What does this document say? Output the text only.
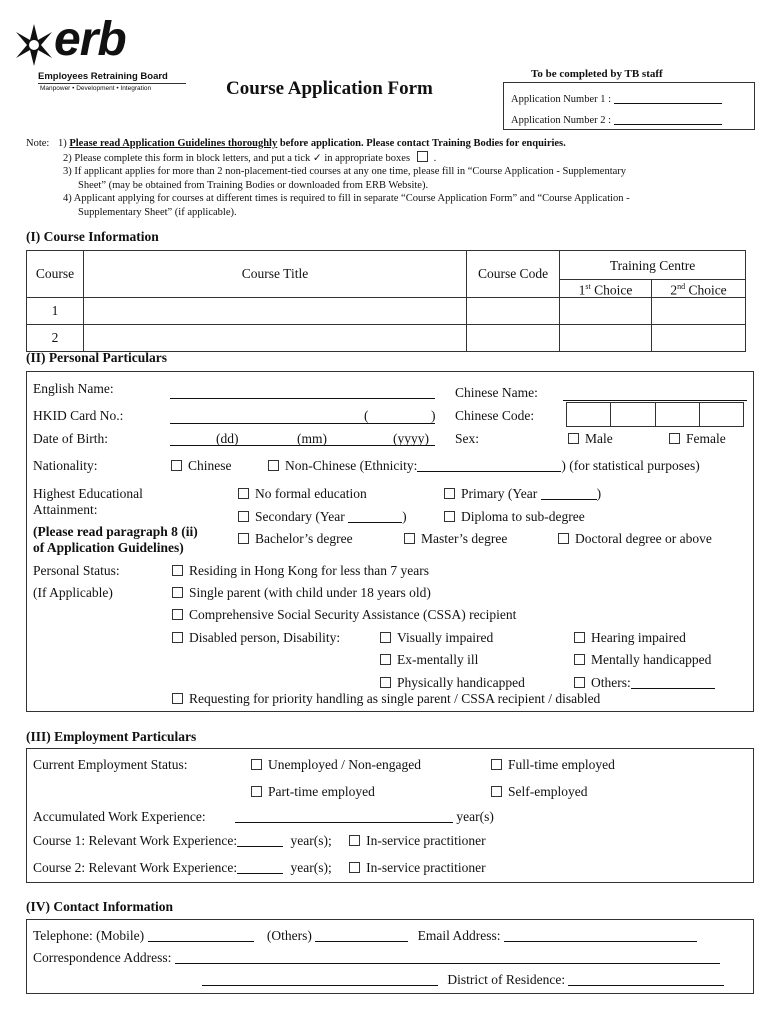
erb
Employees Retraining Board
Manpower • Development • Integration	Course Application Form
To be completed by TB staff
Application Number 1 :
Application Number 2 :
Note: 1) Please read Application Guidelines thoroughly before application. Please contact Training Bodies for enquiries.
2) Please complete this form in block letters, and put a tick ✓ in appropriate boxes .
3) If applicant applies for more than 2 non-placement-tied courses at any one time, please fill in “Course Application - Supplementary
Sheet” (may be obtained from Training Bodies or downloaded from ERB Website).
4) Applicant applying for courses at different times is required to fill in separate “Course Application Form” and “Course Application -
Supplementary Sheet” (if applicable).
(I) Course Information
Course	Course Title	Course Code	Training Centre	
			1st Choice	2nd Choice
1				
2				
(II) Personal Particulars
English Name:	Chinese Name:
HKID Card No.:	(	) Chinese Code:
Date of Birth:	(dd)	(mm)	(yyyy) Sex:	Male	Female
Nationality:	Chinese	Non-Chinese (Ethnicity:	) (for statistical purposes)
Highest Educational
Attainment:
(Please read paragraph 8 (ii)
of Application Guidelines)
No formal education	Primary (Year	)
Secondary (Year	)	Diploma to sub-degree
Bachelor’s degree	Master’s degree	Doctoral degree or above
Personal Status:
(If Applicable)
Residing in Hong Kong for less than 7 years
Single parent (with child under 18 years old)
Comprehensive Social Security Assistance (CSSA) recipient
Disabled person, Disability:	Visually impaired	Hearing impaired
Ex-mentally ill	Mentally handicapped
Physically handicapped	Others:
Requesting for priority handling as single parent / CSSA recipient / disabled
(III) Employment Particulars
Current Employment Status:	Unemployed / Non-engaged	Full-time employed
Part-time employed	Self-employed
Accumulated Work Experience:	year(s)
Course 1: Relevant Work Experience:	year(s);	In-service practitioner
Course 2: Relevant Work Experience:	year(s);	In-service practitioner
(IV) Contact Information
Telephone: (Mobile)	(Others)	Email Address:
Correspondence Address:
District of Residence:
